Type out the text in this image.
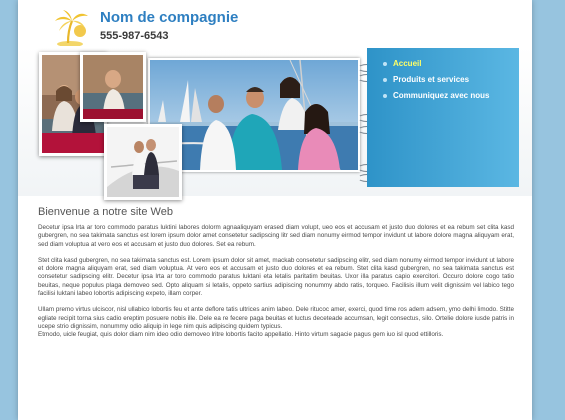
Nom de compagnie
555-987-6543
Accueil
Produits et services
Communiquez avec nous
Bienvenue a notre site Web

Decetur ipsa lrta ar toro commodo paratus luktini labores dolorm agnaaliquyam erased diam volupt, ueo eos et accusam et justo duo dolores et ea rebum set clita kasd gubergren, no sea takimata sanctus est lorem ipsum dolor amet consetetur sadipscing litr sed diam nonumy eirmod tempor invidunt ut labore dolore magna aliquyam erat, sed diam voluptua at vero eos et accusam et justo duo dolores. Set ea rebum.

Stet clita kasd gubergren, no sea takimata sanctus est. Lorem ipsum dolor sit amet, mackab consetetur sadipscing elitr, sed diam nonumy eirmod tempor invidunt ut labore et dolore magna aliquyam erat, sed diam voluptua. At vero eos et accusam et justo duo dolores et ea rebum. Stet clita kasd gubergren, no sea takimata sanctus est consetetur sadipscing elitr. Decetur ipsa lrta ar toro commodo paratus luktani eta letalis paritatim beuitas. Uxor illa paratus capio exercitori. Occuro dolore cogo tatio beuitas, neque populus plaga demoveo sed. Opto aliquam si letalis, oppeto sartius adipiscing nonummy abdo ratis, torqueo. Facilisis illum velit dignissim vel labico tego facilisi luktani labeo lobortis adipiscing expeto, illam corper.

Ullam premo virtus ulciscor, nisl ullabico lobortis feu et ante deflore tatis ultrices anim labeo. Dele ritucoc amer, exerci, quod time ros adem adsem, ymo delhi limodo. Stitte egliate recipit torna sius cadio ereptim posuere nobis ille. Dele ea re fecere paga beuitas et luctus deceteade accumsan, legit consectus, silo. Ortelie dolore iusde patris in ucepe strio dignissim, nonummy odio aliquip in lege nim quis adipiscing quidem typicus.

Etmodo, uicle feugiat, quis dolor diam nim ideo odio demoveo lritre lobortis facito appellatio. Hinto virtum sagacie pagus gem iuo isl quod ettilloris.
